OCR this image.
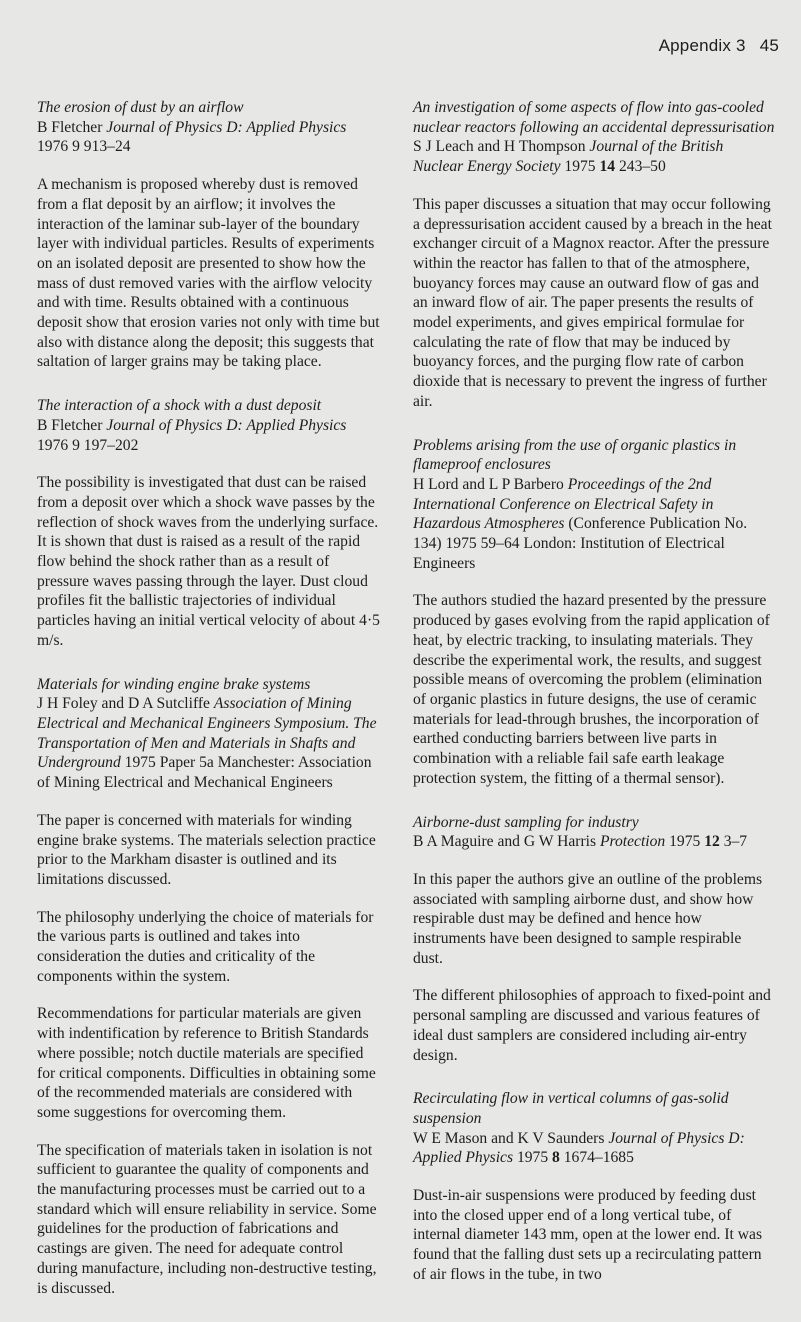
Appendix 3 45
The erosion of dust by an airflow
B Fletcher Journal of Physics D: Applied Physics
1976 9 913–24

A mechanism is proposed whereby dust is removed from a flat deposit by an airflow; it involves the interaction of the laminar sub-layer of the boundary layer with individual particles. Results of experiments on an isolated deposit are presented to show how the mass of dust removed varies with the airflow velocity and with time. Results obtained with a continuous deposit show that erosion varies not only with time but also with distance along the deposit; this suggests that saltation of larger grains may be taking place.

The interaction of a shock with a dust deposit
B Fletcher Journal of Physics D: Applied Physics
1976 9 197–202

The possibility is investigated that dust can be raised from a deposit over which a shock wave passes by the reflection of shock waves from the underlying surface. It is shown that dust is raised as a result of the rapid flow behind the shock rather than as a result of pressure waves passing through the layer. Dust cloud profiles fit the ballistic trajectories of individual particles having an initial vertical velocity of about 4·5 m/s.

Materials for winding engine brake systems
J H Foley and D A Sutcliffe Association of Mining Electrical and Mechanical Engineers Symposium. The Transportation of Men and Materials in Shafts and Underground 1975 Paper 5a Manchester: Association of Mining Electrical and Mechanical Engineers

The paper is concerned with materials for winding engine brake systems. The materials selection practice prior to the Markham disaster is outlined and its limitations discussed.

The philosophy underlying the choice of materials for the various parts is outlined and takes into consideration the duties and criticality of the components within the system.

Recommendations for particular materials are given with indentification by reference to British Standards where possible; notch ductile materials are specified for critical components. Difficulties in obtaining some of the recommended materials are considered with some suggestions for overcoming them.

The specification of materials taken in isolation is not sufficient to guarantee the quality of components and the manufacturing processes must be carried out to a standard which will ensure reliability in service. Some guidelines for the production of fabrications and castings are given. The need for adequate control during manufacture, including non-destructive testing, is discussed.

An investigation of some aspects of flow into gas-cooled nuclear reactors following an accidental depressurisation
S J Leach and H Thompson Journal of the British Nuclear Energy Society 1975 14 243–50

This paper discusses a situation that may occur following a depressurisation accident caused by a breach in the heat exchanger circuit of a Magnox reactor. After the pressure within the reactor has fallen to that of the atmosphere, buoyancy forces may cause an outward flow of gas and an inward flow of air. The paper presents the results of model experiments, and gives empirical formulae for calculating the rate of flow that may be induced by buoyancy forces, and the purging flow rate of carbon dioxide that is necessary to prevent the ingress of further air.

Problems arising from the use of organic plastics in flameproof enclosures
H Lord and L P Barbero Proceedings of the 2nd International Conference on Electrical Safety in Hazardous Atmospheres (Conference Publication No. 134) 1975 59–64 London: Institution of Electrical Engineers

The authors studied the hazard presented by the pressure produced by gases evolving from the rapid application of heat, by electric tracking, to insulating materials. They describe the experimental work, the results, and suggest possible means of overcoming the problem (elimination of organic plastics in future designs, the use of ceramic materials for lead-through brushes, the incorporation of earthed conducting barriers between live parts in combination with a reliable fail safe earth leakage protection system, the fitting of a thermal sensor).

Airborne-dust sampling for industry
B A Maguire and G W Harris Protection 1975 12 3–7

In this paper the authors give an outline of the problems associated with sampling airborne dust, and show how respirable dust may be defined and hence how instruments have been designed to sample respirable dust.

The different philosophies of approach to fixed-point and personal sampling are discussed and various features of ideal dust samplers are considered including air-entry design.

Recirculating flow in vertical columns of gas-solid suspension
W E Mason and K V Saunders Journal of Physics D: Applied Physics 1975 8 1674–1685

Dust-in-air suspensions were produced by feeding dust into the closed upper end of a long vertical tube, of internal diameter 143 mm, open at the lower end. It was found that the falling dust sets up a recirculating pattern of air flows in the tube, in two
